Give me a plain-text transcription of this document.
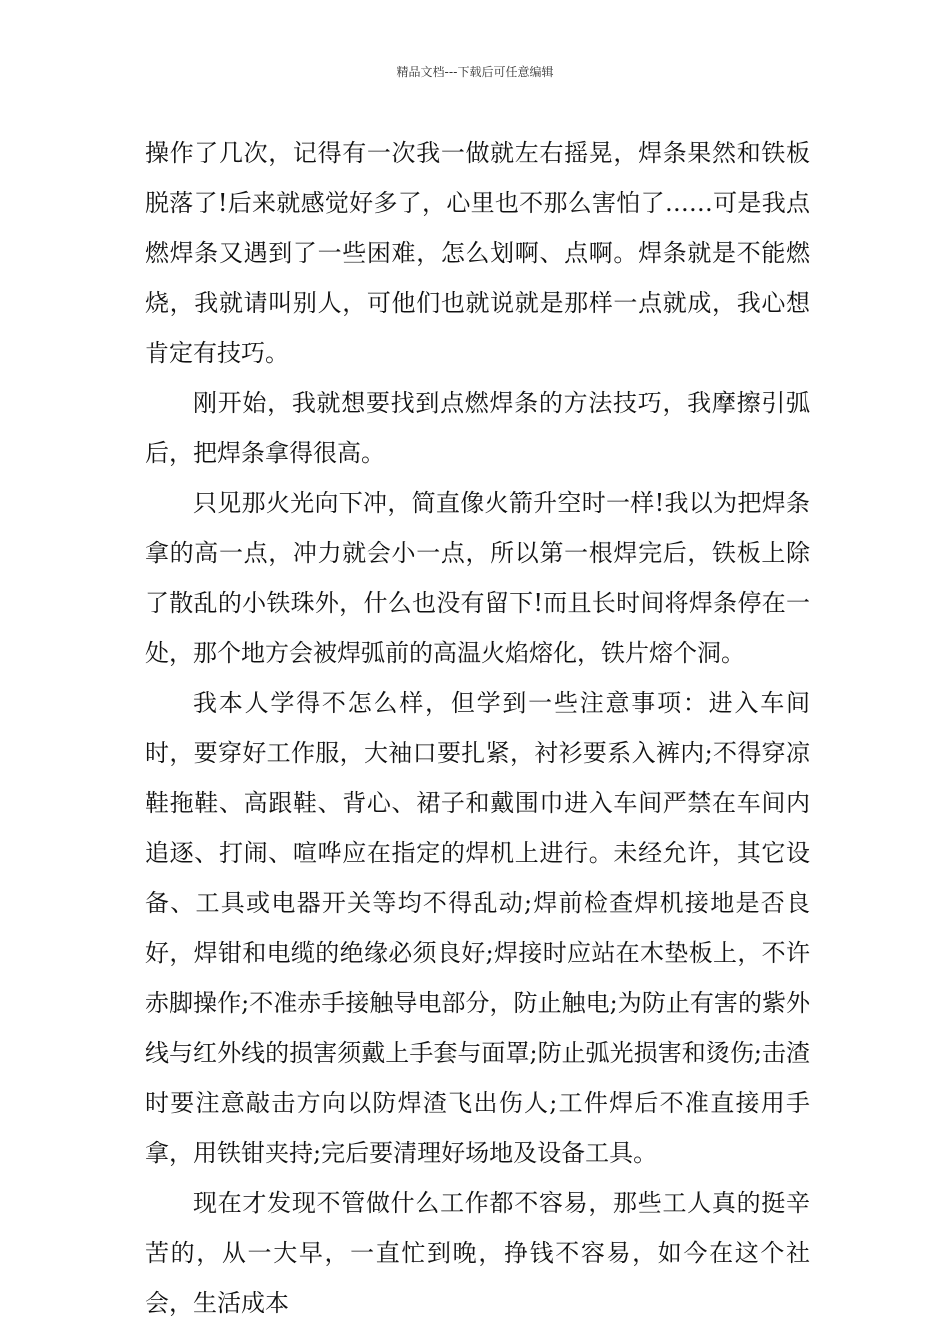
精品文档---下载后可任意编辑

操作了几次，记得有一次我一做就左右摇晃，焊条果然和铁板脱落了!后来就感觉好多了，心里也不那么害怕了……可是我点燃焊条又遇到了一些困难，怎么划啊、点啊。焊条就是不能燃烧，我就请叫别人，可他们也就说就是那样一点就成，我心想肯定有技巧。

刚开始，我就想要找到点燃焊条的方法技巧，我摩擦引弧后，把焊条拿得很高。

只见那火光向下冲，简直像火箭升空时一样!我以为把焊条拿的高一点，冲力就会小一点，所以第一根焊完后，铁板上除了散乱的小铁珠外，什么也没有留下!而且长时间将焊条停在一处，那个地方会被焊弧前的高温火焰熔化，铁片熔个洞。

我本人学得不怎么样，但学到一些注意事项：进入车间时，要穿好工作服，大袖口要扎紧，衬衫要系入裤内;不得穿凉鞋拖鞋、高跟鞋、背心、裙子和戴围巾进入车间严禁在车间内追逐、打闹、喧哗应在指定的焊机上进行。未经允许，其它设备、工具或电器开关等均不得乱动;焊前检查焊机接地是否良好，焊钳和电缆的绝缘必须良好;焊接时应站在木垫板上，不许赤脚操作;不准赤手接触导电部分，防止触电;为防止有害的紫外线与红外线的损害须戴上手套与面罩;防止弧光损害和烫伤;击渣时要注意敲击方向以防焊渣飞出伤人;工件焊后不准直接用手拿，用铁钳夹持;完后要清理好场地及设备工具。

现在才发现不管做什么工作都不容易，那些工人真的挺辛苦的，从一大早，一直忙到晚，挣钱不容易，如今在这个社会，生活成本
